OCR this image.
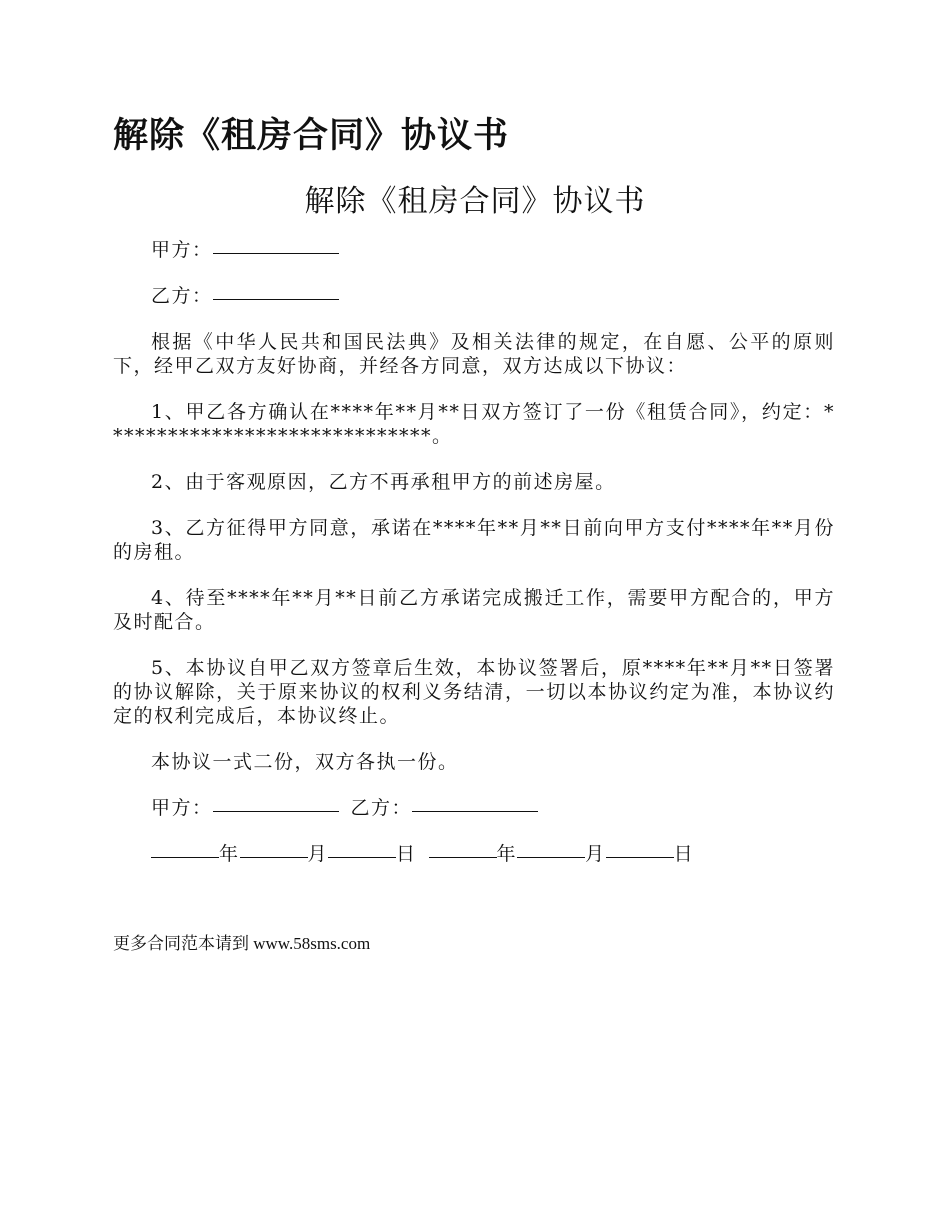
解除《租房合同》协议书
解除《租房合同》协议书
甲方：
乙方：

根据《中华人民共和国民法典》及相关法律的规定，在自愿、公平的原则下，经甲乙双方友好协商，并经各方同意，双方达成以下协议：

1、甲乙各方确认在****年**月**日双方签订了一份《租赁合同》，约定：******************************。

2、由于客观原因，乙方不再承租甲方的前述房屋。

3、乙方征得甲方同意，承诺在****年**月**日前向甲方支付****年**月份的房租。

4、待至****年**月**日前乙方承诺完成搬迁工作，需要甲方配合的，甲方及时配合。

5、本协议自甲乙双方签章后生效，本协议签署后，原****年**月**日签署的协议解除，关于原来协议的权利义务结清，一切以本协议约定为准，本协议约定的权利完成后，本协议终止。

本协议一式二份，双方各执一份。

甲方：	乙方：
年	月	日	年	月	日
更多合同范本请到 www.58sms.com
